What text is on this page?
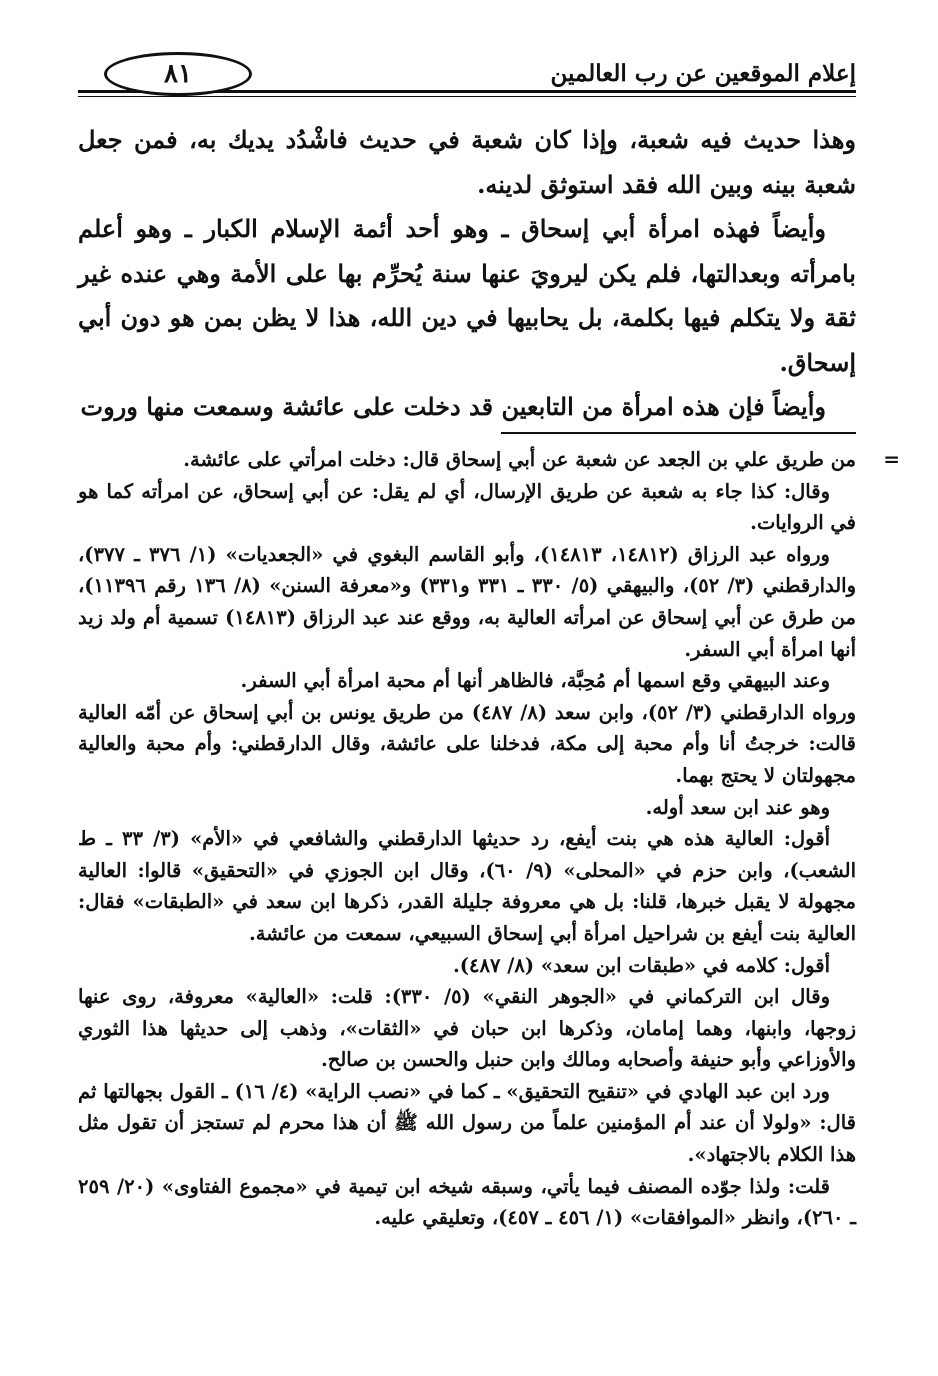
٨١	إعلام الموقعين عن رب العالمين

وهذا حديث فيه شعبة، وإذا كان شعبة في حديث فاشْدُد يديك به، فمن جعل شعبة بينه وبين الله فقد استوثق لدينه.

وأيضاً فهذه امرأة أبي إسحاق ـ وهو أحد أئمة الإسلام الكبار ـ وهو أعلم بامرأته وبعدالتها، فلم يكن ليرويَ عنها سنة يُحرِّم بها على الأمة وهي عنده غير ثقة ولا يتكلم فيها بكلمة، بل يحابيها في دين الله، هذا لا يظن بمن هو دون أبي إسحاق.

وأيضاً فإن هذه امرأة من التابعين قد دخلت على عائشة وسمعت منها وروت

=
من طريق علي بن الجعد عن شعبة عن أبي إسحاق قال: دخلت امرأتي على عائشة.

وقال: كذا جاء به شعبة عن طريق الإرسال، أي لم يقل: عن أبي إسحاق، عن امرأته كما هو في الروايات.

ورواه عبد الرزاق (١٤٨١٢، ١٤٨١٣)، وأبو القاسم البغوي في «الجعديات» (١/ ٣٧٦ ـ ٣٧٧)، والدارقطني (٣/ ٥٢)، والبيهقي (٥/ ٣٣٠ ـ ٣٣١ و٣٣١) و«معرفة السنن» (٨/ ١٣٦ رقم ١١٣٩٦)، من طرق عن أبي إسحاق عن امرأته العالية به، ووقع عند عبد الرزاق (١٤٨١٣) تسمية أم ولد زيد أنها امرأة أبي السفر.

وعند البيهقي وقع اسمها أم مُحِبَّة، فالظاهر أنها أم محبة امرأة أبي السفر.

ورواه الدارقطني (٣/ ٥٢)، وابن سعد (٨/ ٤٨٧) من طريق يونس بن أبي إسحاق عن أمّه العالية قالت: خرجتُ أنا وأم محبة إلى مكة، فدخلنا على عائشة، وقال الدارقطني: وأم محبة والعالية مجهولتان لا يحتج بهما.

وهو عند ابن سعد أوله.

أقول: العالية هذه هي بنت أيفع، رد حديثها الدارقطني والشافعي في «الأم» (٣/ ٣٣ ـ ط الشعب)، وابن حزم في «المحلى» (٩/ ٦٠)، وقال ابن الجوزي في «التحقيق» قالوا: العالية مجهولة لا يقبل خبرها، قلنا: بل هي معروفة جليلة القدر، ذكرها ابن سعد في «الطبقات» فقال: العالية بنت أيفع بن شراحيل امرأة أبي إسحاق السبيعي، سمعت من عائشة.

أقول: كلامه في «طبقات ابن سعد» (٨/ ٤٨٧).

وقال ابن التركماني في «الجوهر النقي» (٥/ ٣٣٠): قلت: «العالية» معروفة، روى عنها زوجها، وابنها، وهما إمامان، وذكرها ابن حبان في «الثقات»، وذهب إلى حديثها هذا الثوري والأوزاعي وأبو حنيفة وأصحابه ومالك وابن حنبل والحسن بن صالح.

ورد ابن عبد الهادي في «تنقيح التحقيق» ـ كما في «نصب الراية» (٤/ ١٦) ـ القول بجهالتها ثم قال: «ولولا أن عند أم المؤمنين علماً من رسول الله ﷺ أن هذا محرم لم تستجز أن تقول مثل هذا الكلام بالاجتهاد».

قلت: ولذا جوّده المصنف فيما يأتي، وسبقه شيخه ابن تيمية في «مجموع الفتاوى» (٢٠/ ٢٥٩ ـ ٢٦٠)، وانظر «الموافقات» (١/ ٤٥٦ ـ ٤٥٧)، وتعليقي عليه.
